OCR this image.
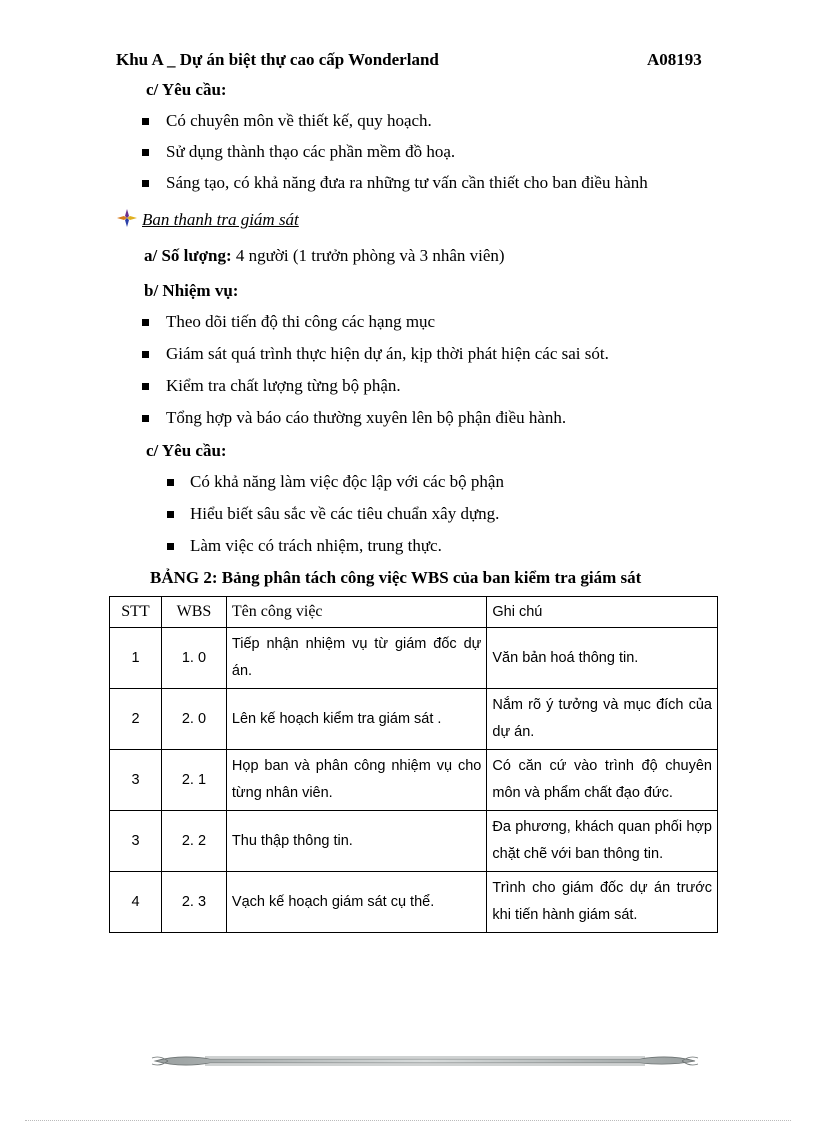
Khu A _ Dự án biệt thự cao cấp Wonderland	A08193
c/ Yêu cầu:
Có chuyên môn về thiết kế, quy hoạch.
Sử dụng thành thạo các phần mềm đồ hoạ.
Sáng tạo, có khả năng đưa ra những tư vấn cần thiết cho ban điều hành
Ban thanh tra giám sát
a/ Số lượng: 4 người (1 trưởn phòng và 3 nhân viên)
b/ Nhiệm vụ:
Theo dõi tiến độ thi công các hạng mục
Giám sát quá trình thực hiện dự án, kịp thời phát hiện các sai sót.
Kiểm tra chất lượng từng bộ phận.
Tổng hợp và báo cáo thường xuyên lên bộ phận điều hành.
c/ Yêu cầu:
Có khả năng làm việc độc lập với các bộ phận
Hiểu biết sâu sắc về các tiêu chuẩn xây dựng.
Làm việc có trách nhiệm, trung thực.
BẢNG 2: Bảng phân tách công việc WBS của ban kiểm tra giám sát
STT	WBS	Tên công việc	Ghi chú
1	1. 0	Tiếp nhận nhiệm vụ từ giám đốc dự án.	Văn bản hoá thông tin.
2	2. 0	Lên kế hoạch kiểm tra giám sát .	Nắm rõ ý tưởng và mục đích của dự án.
3	2. 1	Họp ban và phân công nhiệm vụ cho từng nhân viên.	Có căn cứ vào trình độ chuyên môn và phẩm chất đạo đức.
3	2. 2	Thu thập thông tin.	Đa phương, khách quan phối hợp chặt chẽ với ban thông tin.
4	2. 3	Vạch kế hoạch giám sát cụ thể.	Trình cho giám đốc dự án trước khi tiến hành giám sát.
